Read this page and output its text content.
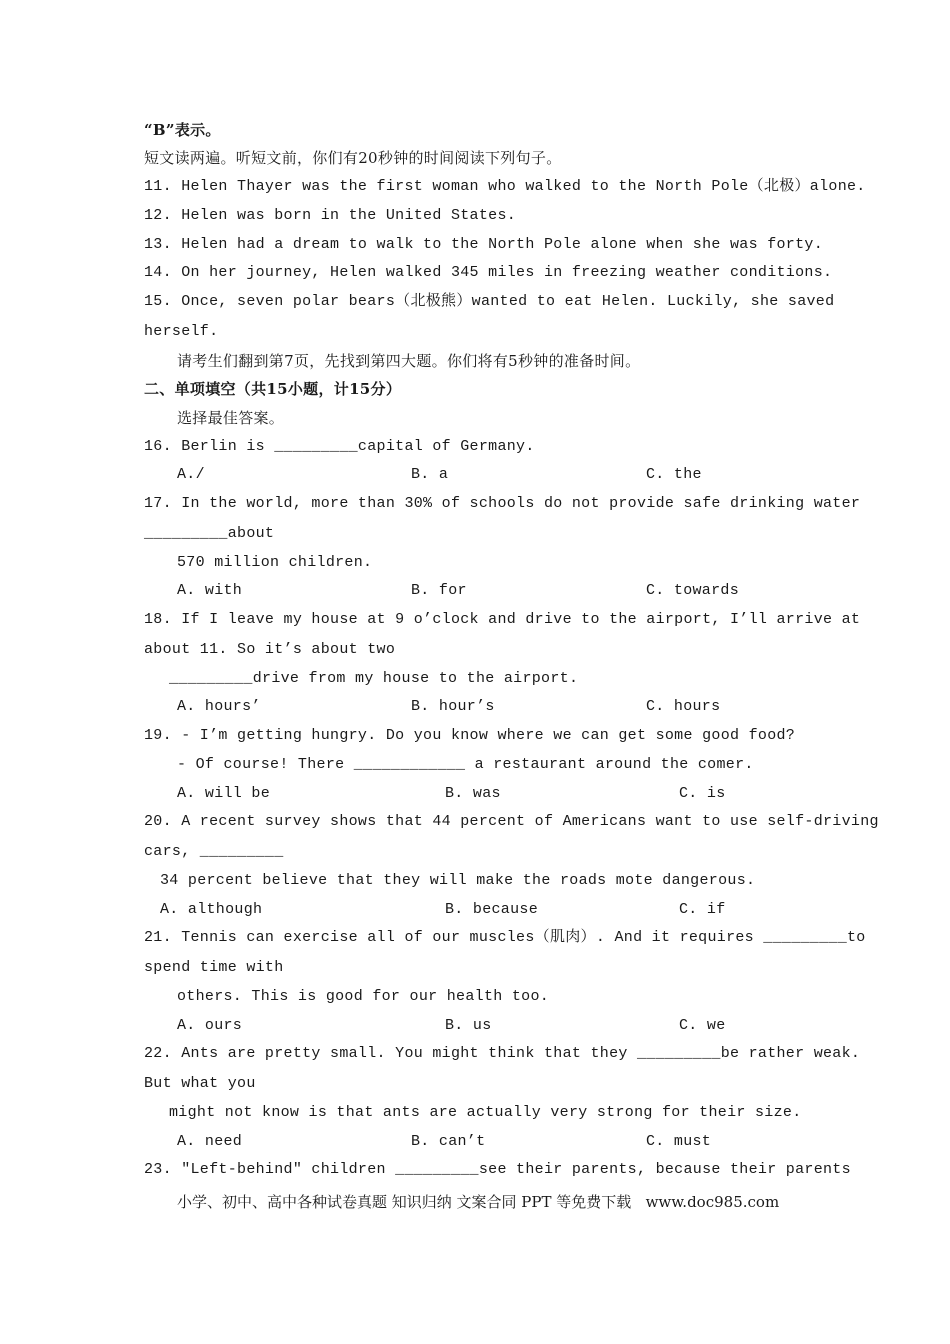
“B”表示。
短文读两遍。听短文前，你们有20秒钟的时间阅读下列句子。
11. Helen Thayer was the first woman who walked to the North Pole（北极）alone.
12. Helen was born in the United States.
13. Helen had a dream to walk to the North Pole alone when she was forty.
14. On her journey, Helen walked 345 miles in freezing weather conditions.
15. Once, seven polar bears（北极熊）wanted to eat Helen. Luckily, she saved
herself.
请考生们翻到第7页，先找到第四大题。你们将有5秒钟的准备时间。
二、单项填空（共15小题，计15分）
选择最佳答案。
16. Berlin is _________capital of Germany.
A./	B. a	C. the
17. In the world, more than 30% of schools do not provide safe drinking water
_________about
570 million children.
A. with	B. for	C. towards
18. If I leave my house at 9 o’clock and drive to the airport, I’ll arrive at
about 11. So it’s about two
_________drive from my house to the airport.
A. hours’	B. hour’s	C. hours
19. - I’m getting hungry. Do you know where we can get some good food?
- Of course! There ____________ a restaurant around the comer.
A. will be	B. was	C. is
20. A recent survey shows that 44 percent of Americans want to use self-driving
cars, _________
34 percent believe that they will make the roads mote dangerous.
A. although	B. because	C. if
21. Tennis can exercise all of our muscles（肌肉）. And it requires _________to
spend time with
others. This is good for our health too.
A. ours	B. us	C. we
22. Ants are pretty small. You might think that they _________be rather weak.
But what you
might not know is that ants are actually very strong for their size.
A. need	B. can’t	C. must
23. "Left-behind" children _________see their parents, because their parents
小学、初中、高中各种试卷真题 知识归纳 文案合同 PPT 等免费下载   www.doc985.com
